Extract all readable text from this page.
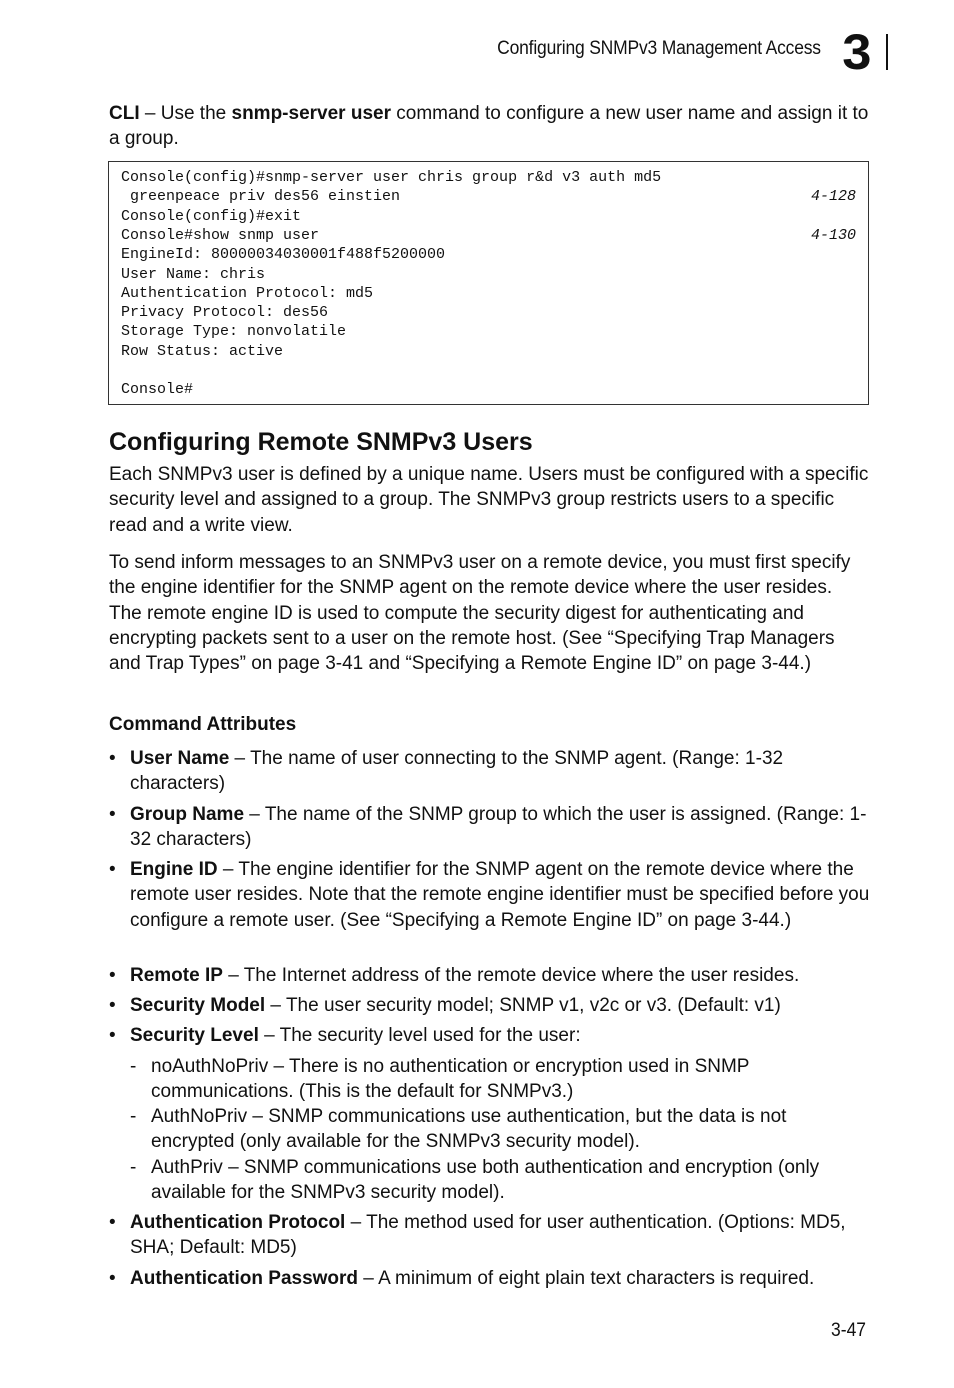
Configuring SNMPv3 Management Access 3
CLI – Use the snmp-server user command to configure a new user name and assign it to a group.
Console(config)#snmp-server user chris group r&d v3 auth md5
greenpeace priv des56 einstien	4-128
Console(config)#exit
Console#show snmp user	4-130
EngineId: 80000034030001f488f5200000
User Name: chris
Authentication Protocol: md5
Privacy Protocol: des56
Storage Type: nonvolatile
Row Status: active
Console#
Configuring Remote SNMPv3 Users
Each SNMPv3 user is defined by a unique name. Users must be configured with a specific security level and assigned to a group. The SNMPv3 group restricts users to a specific read and a write view.
To send inform messages to an SNMPv3 user on a remote device, you must first specify the engine identifier for the SNMP agent on the remote device where the user resides. The remote engine ID is used to compute the security digest for authenticating and encrypting packets sent to a user on the remote host. (See “Specifying Trap Managers and Trap Types” on page 3-41 and “Specifying a Remote Engine ID” on page 3-44.)
Command Attributes
• User Name – The name of user connecting to the SNMP agent. (Range: 1-32 characters)
• Group Name – The name of the SNMP group to which the user is assigned. (Range: 1-32 characters)
• Engine ID – The engine identifier for the SNMP agent on the remote device where the remote user resides. Note that the remote engine identifier must be specified before you configure a remote user. (See “Specifying a Remote Engine ID” on page 3-44.)
• Remote IP – The Internet address of the remote device where the user resides.
• Security Model – The user security model; SNMP v1, v2c or v3. (Default: v1)
• Security Level – The security level used for the user:
- noAuthNoPriv – There is no authentication or encryption used in SNMP communications. (This is the default for SNMPv3.)
- AuthNoPriv – SNMP communications use authentication, but the data is not encrypted (only available for the SNMPv3 security model).
- AuthPriv – SNMP communications use both authentication and encryption (only available for the SNMPv3 security model).
• Authentication Protocol – The method used for user authentication. (Options: MD5, SHA; Default: MD5)
• Authentication Password – A minimum of eight plain text characters is required.
3-47
